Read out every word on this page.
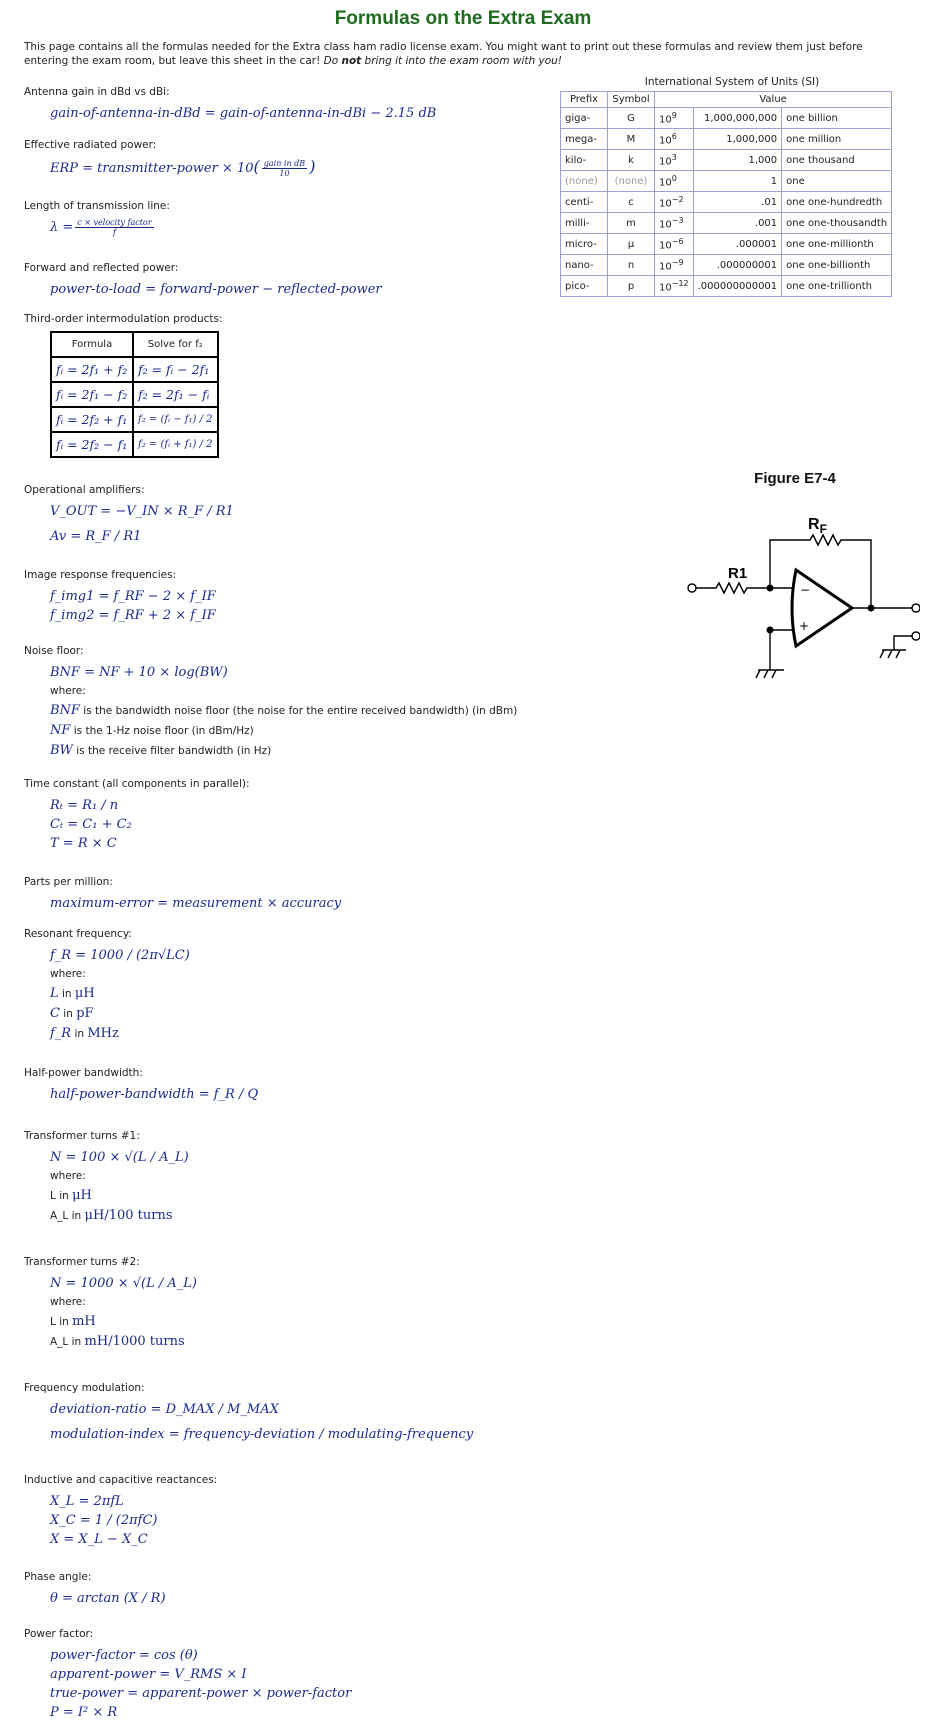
Formulas on the Extra Exam
This page contains all the formulas needed for the Extra class ham radio license exam. You might want to print out these formulas and review them just before entering the exam room, but leave this sheet in the car! Do not bring it into the exam room with you!
Antenna gain in dBd vs dBi:
gain-of-antenna-in-dBd = gain-of-antenna-in-dBi − 2.15 dB
Effective radiated power:
ERP = transmitter-power × $10( \frac{\text{gain in dB}}{10}$ )
Length of transmission line:
$\lambda = \frac{\text{c × velocity factor}}{f}$
Forward and reflected power:
power-to-load = forward-power − reflected-power
Third-order intermodulation products:
Formula	Solve for f₂
fᵢ = 2f₁ + f₂	f₂ = fᵢ − 2f₁
fᵢ = 2f₁ − f₂	f₂ = 2f₁ − fᵢ
fᵢ = 2f₂ + f₁	f₂ = (fᵢ − f₁) / 2
fᵢ = 2f₂ − f₁	f₂ = (fᵢ + f₁) / 2
Operational amplifiers:
V_OUT = −V_IN × R_F / R1
Av = R_F / R1
Image response frequencies:
f_img1 = f_RF − 2 × f_IF
f_img2 = f_RF + 2 × f_IF
Noise floor:
BNF = NF + 10 × log(BW)
where:
BNF is the bandwidth noise floor (the noise for the entire received bandwidth) (in dBm)
NF is the 1-Hz noise floor (in dBm/Hz)
BW is the receive filter bandwidth (in Hz)
Time constant (all components in parallel):
Rₜ = R₁ / n
Cₜ = C₁ + C₂
T = R × C
Parts per million:
maximum-error = measurement × accuracy
Resonant frequency:
f_R = 1000 / (2π√LC)
where:
L in μH
C in pF
f_R in MHz
Half-power bandwidth:
half-power-bandwidth = f_R / Q
Transformer turns #1:
N = 100 × √(L / A_L)
where:
L in μH
A_L in μH/100 turns
Transformer turns #2:
N = 1000 × √(L / A_L)
where:
L in mH
A_L in mH/1000 turns
Frequency modulation:
deviation-ratio = D_MAX / M_MAX
modulation-index = frequency-deviation / modulating-frequency
Inductive and capacitive reactances:
X_L = 2πfL
X_C = 1 / (2πfC)
X = X_L − X_C
Phase angle:
θ = arctan (X / R)
Power factor:
power-factor = cos (θ)
apparent-power = V_RMS × I
true-power = apparent-power × power-factor
P = I² × R
International System of Units (SI)
Prefix	Symbol	Value		
giga-	G	$10^9$	1,000,000,000	one billion
mega-	M	$10^6$	1,000,000	one million
kilo-	k	$10^3$	1,000	one thousand
(none)	(none)	$10^0$	1	one
centi-	c	$10^{-2}$	.01	one one-hundredth
milli-	m	$10^{-3}$	.001	one one-thousandth
micro-	μ	$10^{-6}$	.000001	one one-millionth
nano-	n	$10^{-9}$	.000000001	one one-billionth
pico-	p	$10^{-12}$	.000000000001	one one-trillionth
Figure E7-4
−
+
R1
$R_F$
